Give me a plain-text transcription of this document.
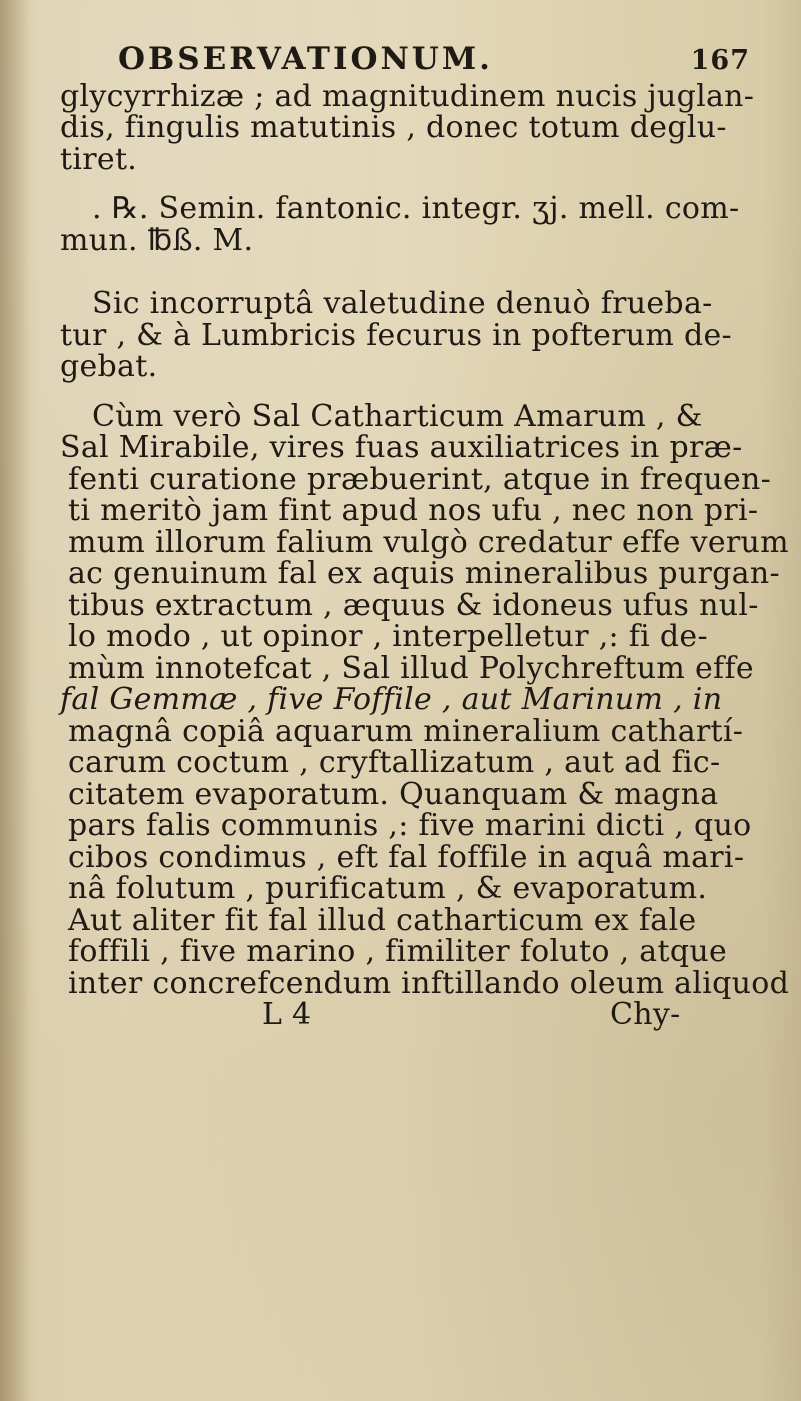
OBSERVATIONUM.	167
glycyrrhizæ ; ad magnitudinem nucis juglan-
dis, fingulis matutinis , donec totum deglu-
tiret.
. ℞. Semin. fantonic. integr. ʒj. mell. com-
mun. ℔ß. M.
Sic incorruptâ valetudine denuò frueba-
tur , & à Lumbricis fecurus in pofterum de-
gebat.
Cùm verò Sal Catharticum Amarum , &
Sal Mirabile, vires fuas auxiliatrices in præ-
fenti curatione præbuerint, atque in frequen-
ti meritò jam fint apud nos ufu , nec non pri-
mum illorum falium vulgò credatur effe verum
ac genuinum fal ex aquis mineralibus purgan-
tibus extractum , æquus & idoneus ufus nul-
lo modo , ut opinor , interpelletur ,: fi de-
mùm innotefcat , Sal illud Polychreftum effe
fal Gemmæ , five Foffile , aut Marinum , in
magnâ copiâ aquarum mineralium cathartí-
carum coctum , cryftallizatum , aut ad fic-
citatem evaporatum. Quanquam & magna
pars falis communis ,: five marini dicti , quo
cibos condimus , eft fal foffile in aquâ mari-
nâ folutum , purificatum , & evaporatum.
Aut aliter fit fal illud catharticum ex fale
foffili , five marino , fimiliter foluto , atque
inter concrefcendum inftillando oleum aliquod
L 4	Chy-
